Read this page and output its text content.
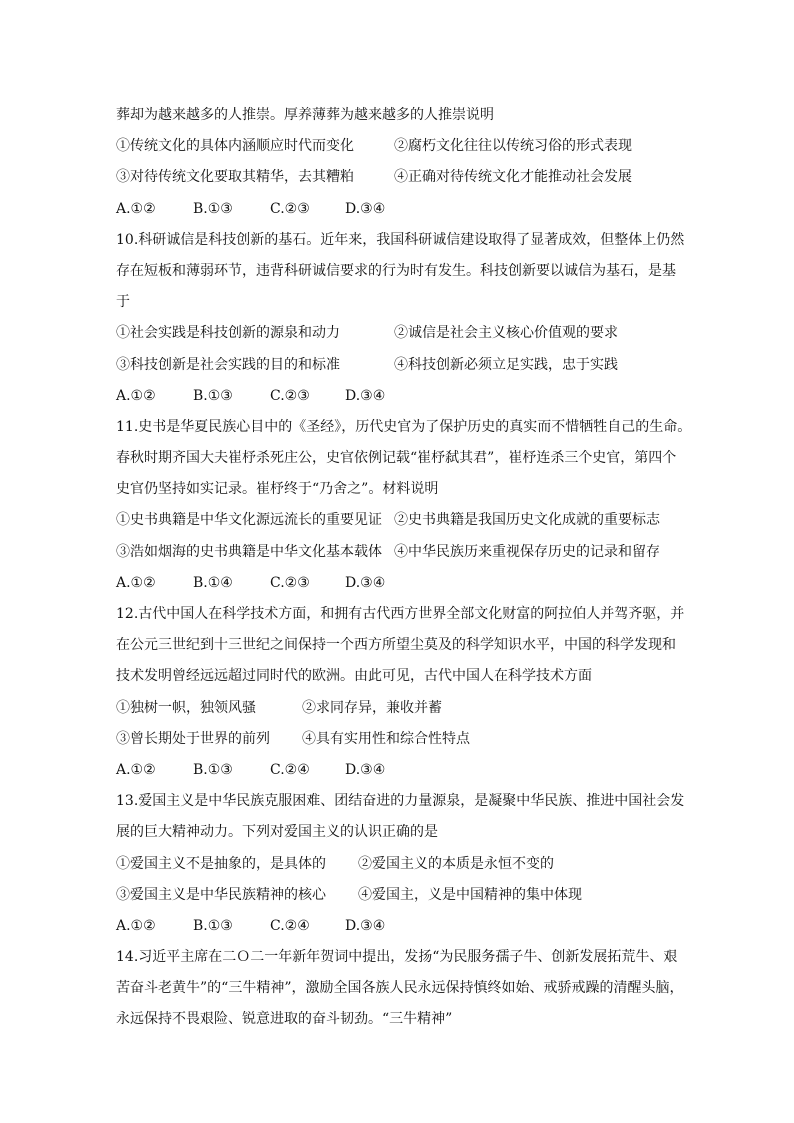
葬却为越来越多的人推崇。厚养薄葬为越来越多的人推崇说明
①传统文化的具体内涵顺应时代而变化	②腐朽文化往往以传统习俗的形式表现
③对待传统文化要取其精华，去其糟粕	④正确对待传统文化才能推动社会发展
A.①②	B.①③	C.②③	D.③④
10.科研诚信是科技创新的基石。近年来，我国科研诚信建设取得了显著成效，但整体上仍然
存在短板和薄弱环节，违背科研诚信要求的行为时有发生。科技创新要以诚信为基石，是基
于
①社会实践是科技创新的源泉和动力	②诚信是社会主义核心价值观的要求
③科技创新是社会实践的目的和标准	④科技创新必须立足实践，忠于实践
A.①②	B.①③	C.②③	D.③④
11.史书是华夏民族心目中的《圣经》，历代史官为了保护历史的真实而不惜牺牲自己的生命。
春秋时期齐国大夫崔杼杀死庄公，史官依例记载“崔杼弑其君”，崔杼连杀三个史官，第四个
史官仍坚持如实记录。崔杼终于“乃舍之”。材料说明
①史书典籍是中华文化源远流长的重要见证 ②史书典籍是我国历史文化成就的重要标志
③浩如烟海的史书典籍是中华文化基本载体 ④中华民族历来重视保存历史的记录和留存
A.①②	B.①④	C.②③	D.③④
12.古代中国人在科学技术方面，和拥有古代西方世界全部文化财富的阿拉伯人并驾齐驱，并
在公元三世纪到十三世纪之间保持一个西方所望尘莫及的科学知识水平，中国的科学发现和
技术发明曾经远远超过同时代的欧洲。由此可见，古代中国人在科学技术方面
①独树一帜，独领风骚	②求同存异，兼收并蓄
③曾长期处于世界的前列 ④具有实用性和综合性特点
A.①②	B.①③	C.②④	D.③④
13.爱国主义是中华民族克服困难、团结奋进的力量源泉，是凝聚中华民族、推进中国社会发
展的巨大精神动力。下列对爱国主义的认识正确的是
①爱国主义不是抽象的，是具体的 ②爱国主义的本质是永恒不变的
③爱国主义是中华民族精神的核心 ④爱国主，义是中国精神的集中体现
A.①②	B.①③	C.②④	D.③④
14.习近平主席在二Ｏ二一年新年贺词中提出，发扬“为民服务孺子牛、创新发展拓荒牛、艰
苦奋斗老黄牛”的“三牛精神”，激励全国各族人民永远保持慎终如始、戒骄戒躁的清醒头脑，
永远保持不畏艰险、锐意进取的奋斗韧劲。“三牛精神”
